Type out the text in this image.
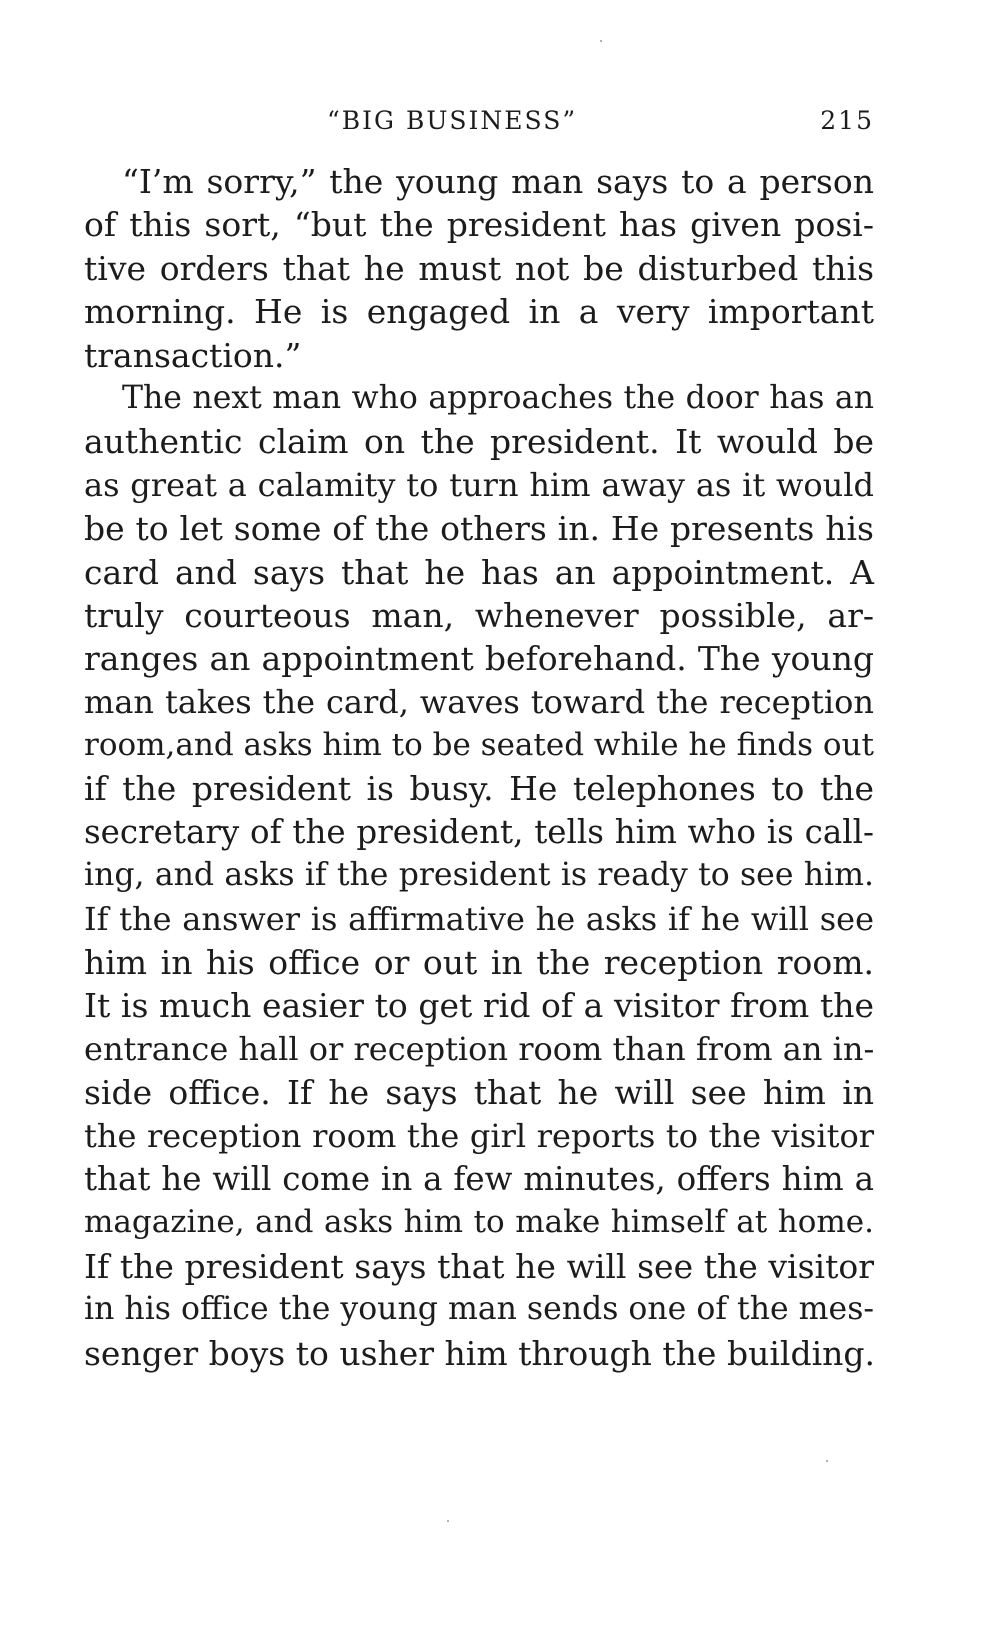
“BIG BUSINESS”	215
“I’m sorry,” the young man says to a person
of this sort, “but the president has given posi-
tive orders that he must not be disturbed this
morning. He is engaged in a very important
transaction.”
The next man who approaches the door has an
authentic claim on the president. It would be
as great a calamity to turn him away as it would
be to let some of the others in. He presents his
card and says that he has an appointment. A
truly courteous man, whenever possible, ar-
ranges an appointment beforehand. The young
man takes the card, waves toward the reception
room,and asks him to be seated while he finds out
if the president is busy. He telephones to the
secretary of the president, tells him who is call-
ing, and asks if the president is ready to see him.
If the answer is affirmative he asks if he will see
him in his office or out in the reception room.
It is much easier to get rid of a visitor from the
entrance hall or reception room than from an in-
side office. If he says that he will see him in
the reception room the girl reports to the visitor
that he will come in a few minutes, offers him a
magazine, and asks him to make himself at home.
If the president says that he will see the visitor
in his office the young man sends one of the mes-
senger boys to usher him through the building.
